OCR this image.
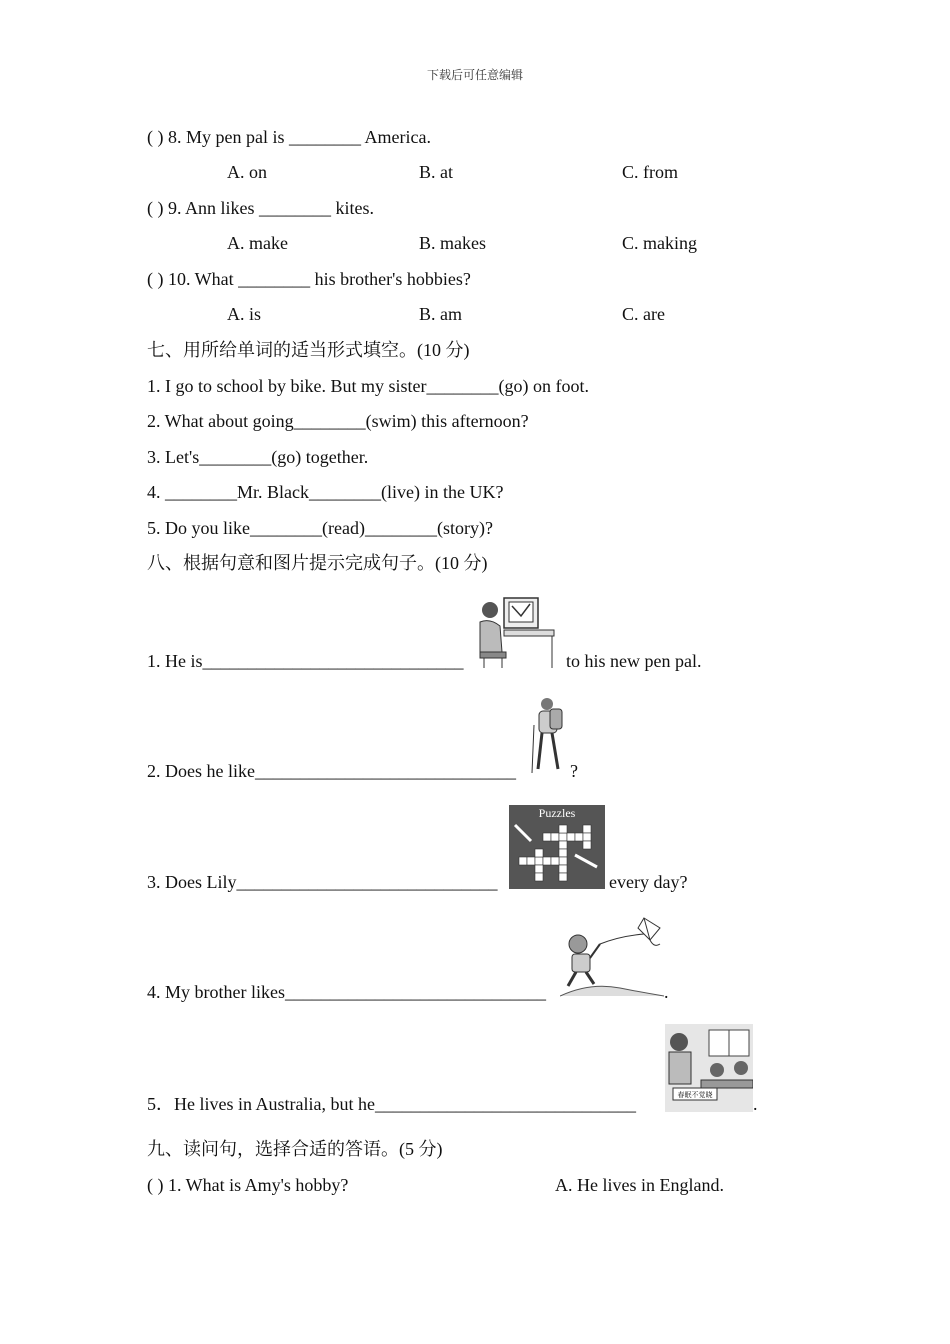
下载后可任意编辑
( ) 8. My pen pal is ________ America.
A. on	B. at	C. from
( ) 9. Ann likes ________ kites.
A. make	B. makes	C. making
( ) 10. What ________ his brother's hobbies?
A. is	B. am	C. are
七、用所给单词的适当形式填空。(10 分)
1. I go to school by bike. But my sister________(go) on foot.
2. What about going________(swim) this afternoon?
3. Let's________(go) together.
4. ________Mr. Black________(live) in the UK?
5. Do you like________(read)________(story)?
八、根据句意和图片提示完成句子。(10 分)
1. He is_____________________________	to his new pen pal.
2. Does he like_____________________________	?
3. Does Lily_____________________________
Puzzles
every day?
4. My brother likes_____________________________	.
5．He lives in Australia, but he_____________________________	春眠不觉晓 .
九、读问句，选择合适的答语。(5 分)
( ) 1. What is Amy's hobby?	A. He lives in England.
